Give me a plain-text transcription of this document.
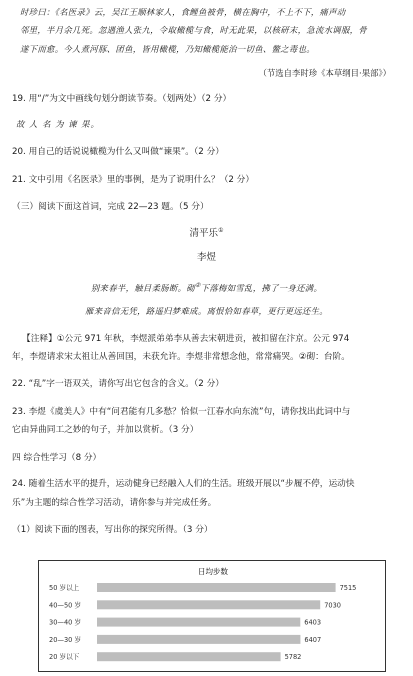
时珍曰：《名医录》云，吴江王顺林家人，食鲤鱼被骨，横在胸中，不上不下，痛声动
邻里，半月余几死。忽遇渔人张九，令取橄榄与食，时无此果，以核研末，急流水调服，骨
遂下而愈。今人煮河豚、团鱼，皆用橄榄，乃知橄榄能治一切鱼、鳖之毒也。
（节选自李时珍《本草纲目·果部》）
19. 用“/”为文中画线句划分朗读节奏。（划两处）（2 分）
故 人 名 为 谏 果。
20. 用自己的话说说橄榄为什么又叫做“谏果”。（2 分）
21. 文中引用《名医录》里的事例，是为了说明什么？（2 分）
（三）阅读下面这首词，完成 22—23 题。（5 分）
清平乐①
李煜
别来春半，触目柔肠断。砌②下落梅如雪乱，拂了一身还满。
雁来音信无凭，路遥归梦难成。离恨恰如春草，更行更远还生。
【注释】①公元 971 年秋，李煜派弟弟李从善去宋朝进贡，被扣留在汴京。公元 974
年，李煜请求宋太祖让从善回国，未获允许。李煜非常想念他，常常痛哭。②砌：台阶。
22. “乱”字一语双关，请你写出它包含的含义。（2 分）
23. 李煜《虞美人》中有“问君能有几多愁？恰似一江春水向东流”句，请你找出此词中与
它由异曲同工之妙的句子，并加以赏析。（3 分）
四 综合性学习（8 分）
24. 随着生活水平的提升，运动健身已经融入人们的生活。班级开展以“步履不停，运动快
乐”为主题的综合性学习活动，请你参与并完成任务。
（1）阅读下面的图表，写出你的探究所得。（3 分）
日均步数
50 岁以上	7515
40—50 岁	7030
30—40 岁	6403
20—30 岁	6407
20 岁以下	5782
